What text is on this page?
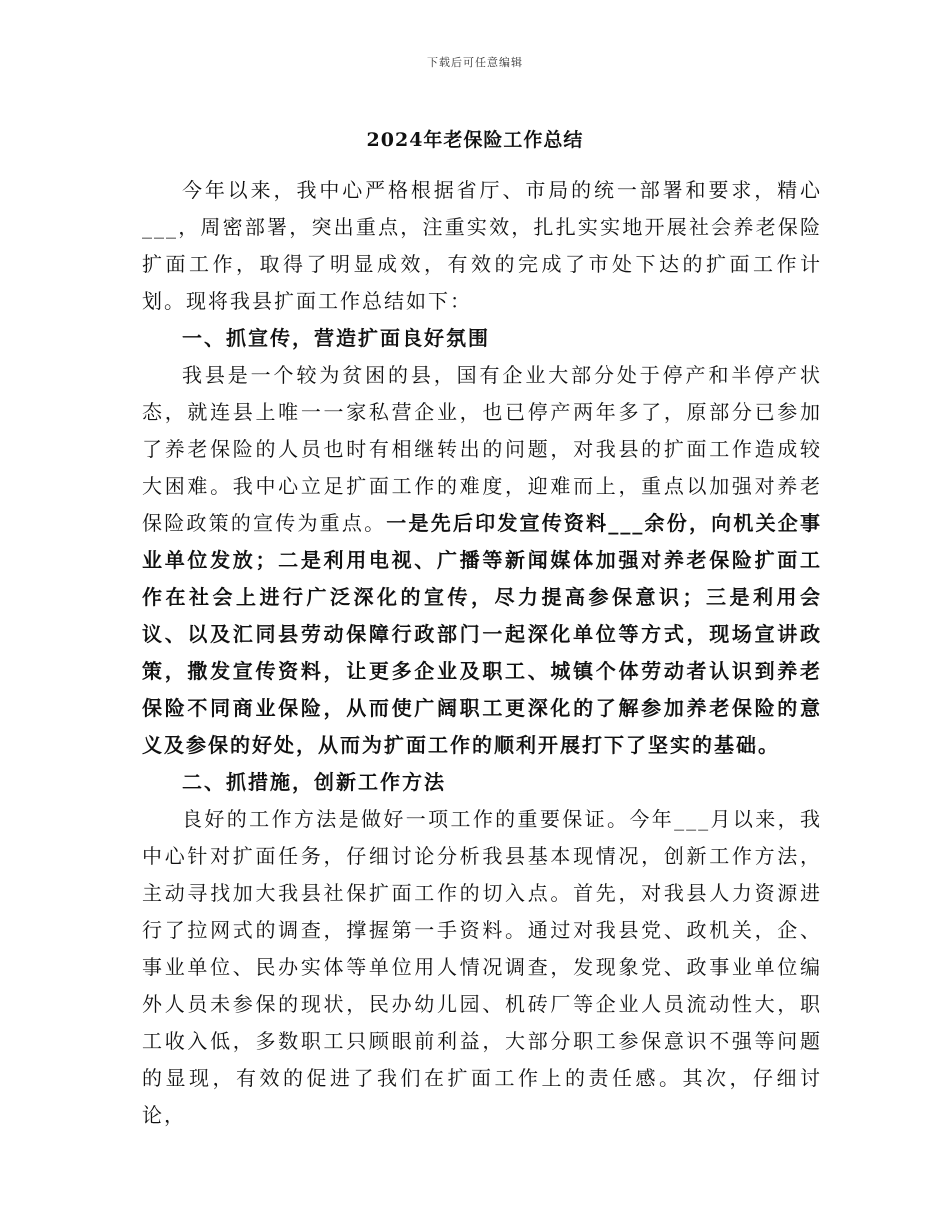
下载后可任意编辑
2024年老保险工作总结

今年以来，我中心严格根据省厅、市局的统一部署和要求，精心___，周密部署，突出重点，注重实效，扎扎实实地开展社会养老保险扩面工作，取得了明显成效，有效的完成了市处下达的扩面工作计划。现将我县扩面工作总结如下：

一、抓宣传，营造扩面良好氛围

我县是一个较为贫困的县，国有企业大部分处于停产和半停产状态，就连县上唯一一家私营企业，也已停产两年多了，原部分已参加了养老保险的人员也时有相继转出的问题，对我县的扩面工作造成较大困难。我中心立足扩面工作的难度，迎难而上，重点以加强对养老保险政策的宣传为重点。一是先后印发宣传资料___余份，向机关企事业单位发放；二是利用电视、广播等新闻媒体加强对养老保险扩面工作在社会上进行广泛深化的宣传，尽力提高参保意识；三是利用会议、以及汇同县劳动保障行政部门一起深化单位等方式，现场宣讲政策，撒发宣传资料，让更多企业及职工、城镇个体劳动者认识到养老保险不同商业保险，从而使广阔职工更深化的了解参加养老保险的意义及参保的好处，从而为扩面工作的顺利开展打下了坚实的基础。

二、抓措施，创新工作方法

良好的工作方法是做好一项工作的重要保证。今年___月以来，我中心针对扩面任务，仔细讨论分析我县基本现情况，创新工作方法，主动寻找加大我县社保扩面工作的切入点。首先，对我县人力资源进行了拉网式的调查，撑握第一手资料。通过对我县党、政机关，企、事业单位、民办实体等单位用人情况调查，发现象党、政事业单位编外人员未参保的现状，民办幼儿园、机砖厂等企业人员流动性大，职工收入低，多数职工只顾眼前利益，大部分职工参保意识不强等问题的显现，有效的促进了我们在扩面工作上的责任感。其次，仔细讨论，
